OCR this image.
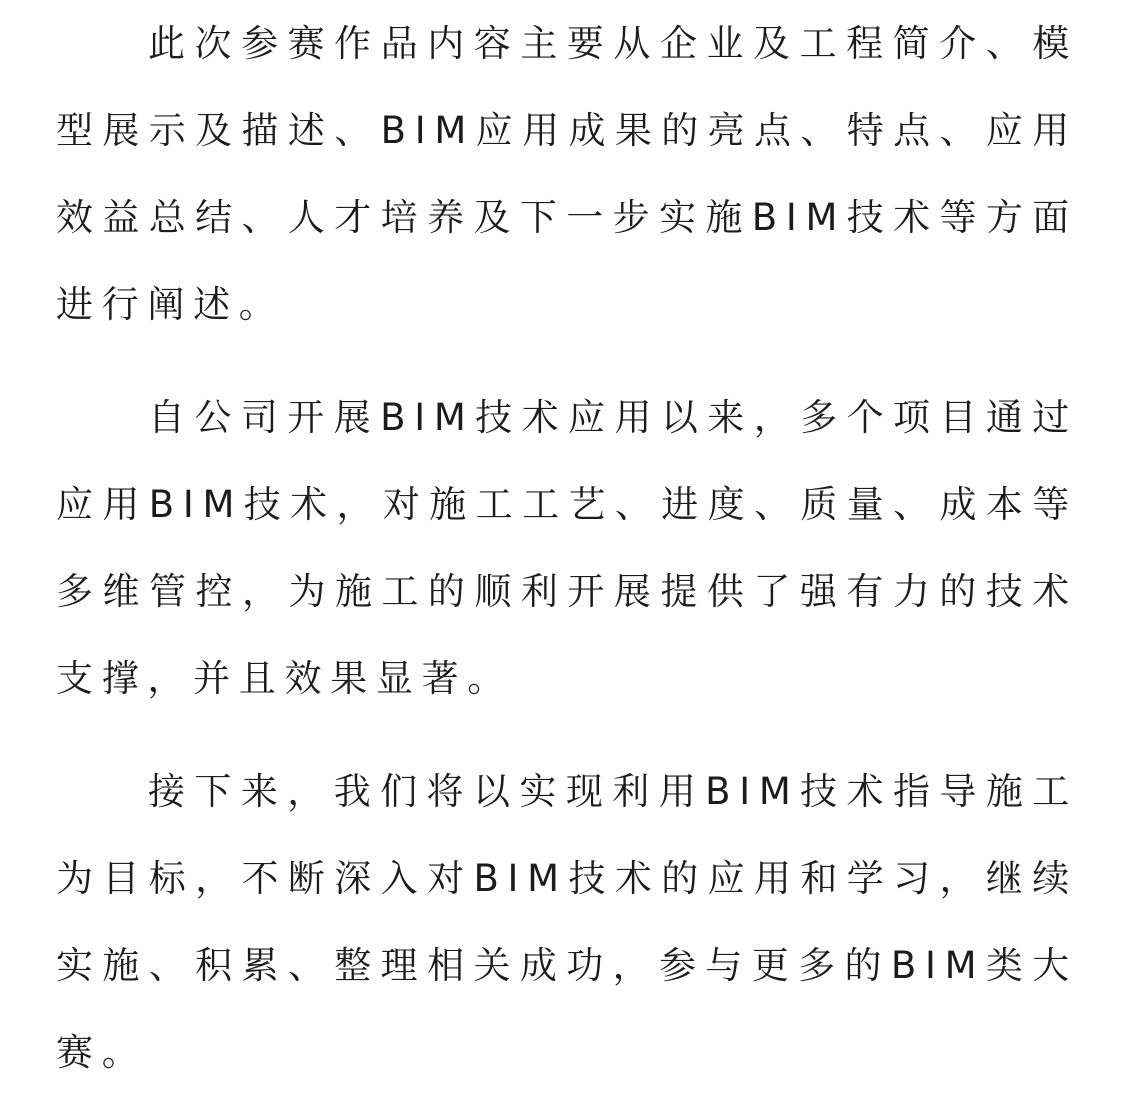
此次参赛作品内容主要从企业及工程简介、模型展示及描述、BIM应用成果的亮点、特点、应用效益总结、人才培养及下一步实施BIM技术等方面进行阐述。

自公司开展BIM技术应用以来，多个项目通过应用BIM技术，对施工工艺、进度、质量、成本等多维管控，为施工的顺利开展提供了强有力的技术支撑，并且效果显著。

接下来，我们将以实现利用BIM技术指导施工为目标，不断深入对BIM技术的应用和学习，继续实施、积累、整理相关成功，参与更多的BIM类大赛。
